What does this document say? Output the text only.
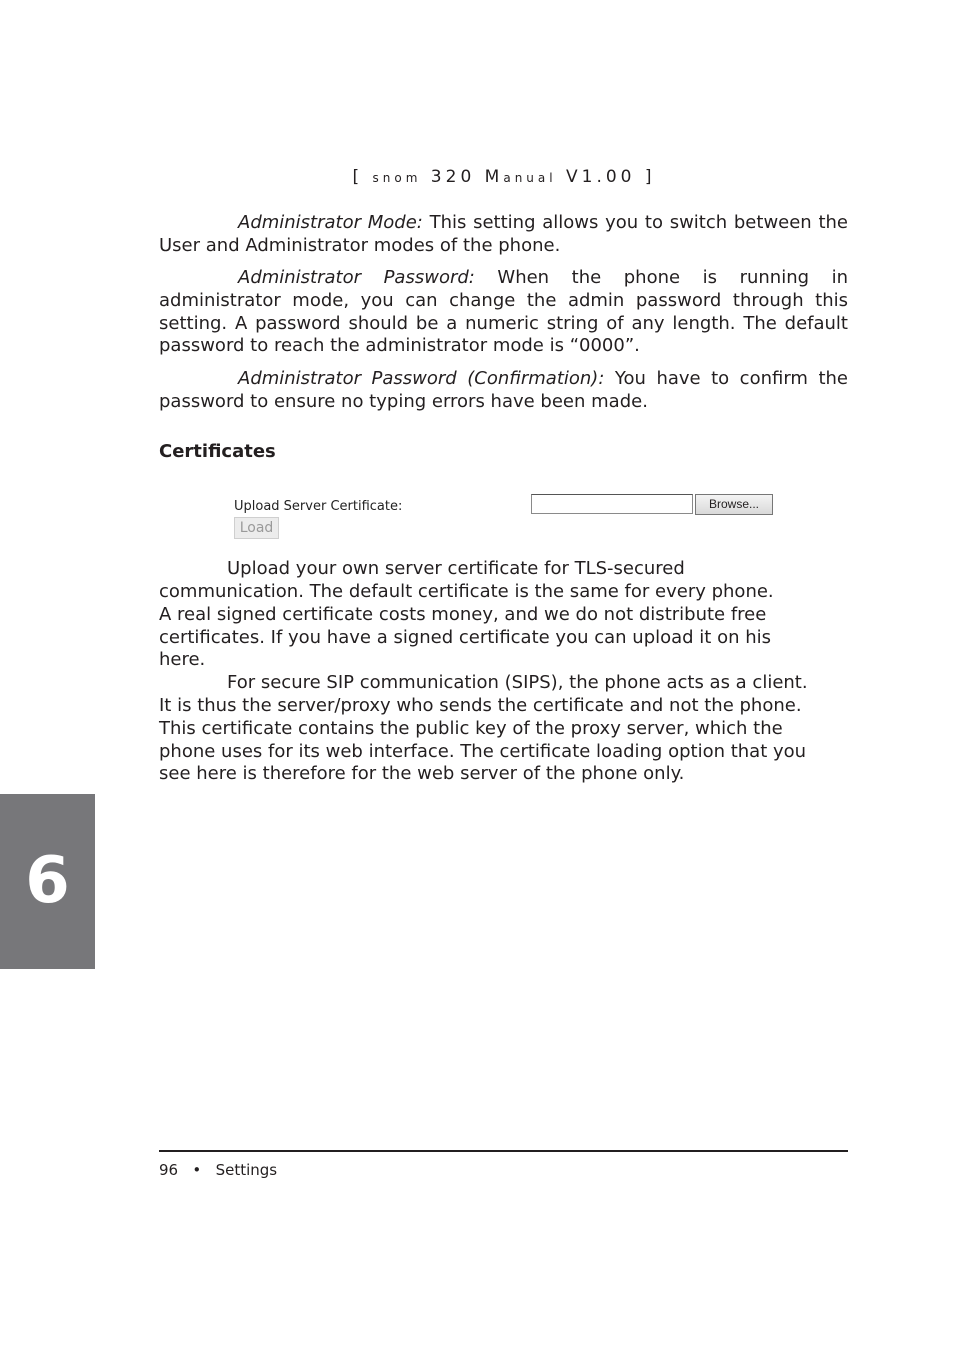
[ snom 320 Manual V1.00 ]

Administrator Mode: This setting allows you to switch between the User and Administrator modes of the phone.

Administrator Password: When the phone is running in administrator mode, you can change the admin password through this setting. A password should be a numeric string of any length. The default password to reach the administrator mode is “0000”.

Administrator Password (Confirmation): You have to confirm the password to ensure no typing errors have been made.

Certificates
Upload Server Certificate:	Browse...
Load

Upload your own server certificate for TLS-secured
communication. The default certificate is the same for every phone.
A real signed certificate costs money, and we do not distribute free
certificates. If you have a signed certificate you can upload it on his
here.

For secure SIP communication (SIPS), the phone acts as a client.
It is thus the server/proxy who sends the certificate and not the phone.
This certificate contains the public key of the proxy server, which the
phone uses for its web interface. The certificate loading option that you
see here is therefore for the web server of the phone only.

6
96 • Settings
